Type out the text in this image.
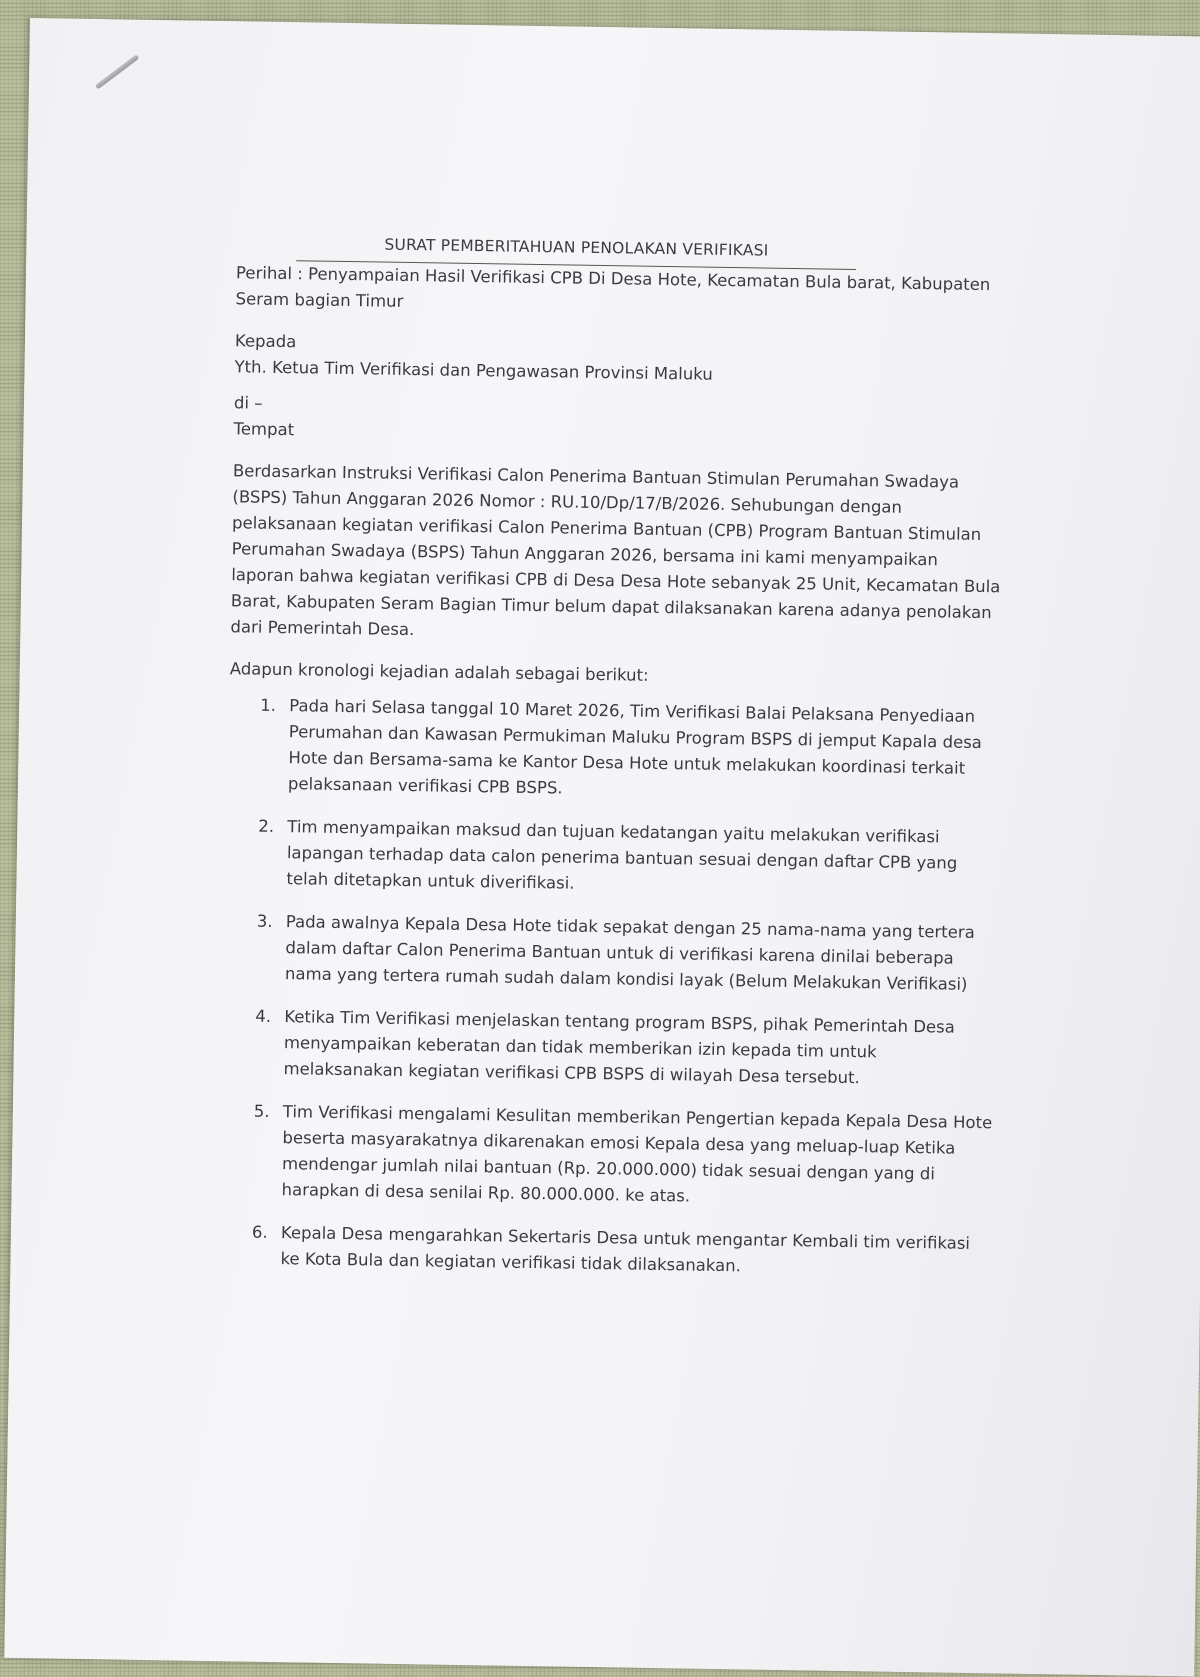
SURAT PEMBERITAHUAN PENOLAKAN VERIFIKASI

Perihal : Penyampaian Hasil Verifikasi CPB Di Desa Hote, Kecamatan Bula barat, Kabupaten Seram bagian Timur

Kepada

Yth. Ketua Tim Verifikasi dan Pengawasan Provinsi Maluku

di –

Tempat

Berdasarkan Instruksi Verifikasi Calon Penerima Bantuan Stimulan Perumahan Swadaya (BSPS) Tahun Anggaran 2026 Nomor : RU.10/Dp/17/B/2026. Sehubungan dengan pelaksanaan kegiatan verifikasi Calon Penerima Bantuan (CPB) Program Bantuan Stimulan Perumahan Swadaya (BSPS) Tahun Anggaran 2026, bersama ini kami menyampaikan laporan bahwa kegiatan verifikasi CPB di Desa Desa Hote sebanyak 25 Unit, Kecamatan Bula Barat, Kabupaten Seram Bagian Timur belum dapat dilaksanakan karena adanya penolakan dari Pemerintah Desa.

Adapun kronologi kejadian adalah sebagai berikut:

1. Pada hari Selasa tanggal 10 Maret 2026, Tim Verifikasi Balai Pelaksana Penyediaan Perumahan dan Kawasan Permukiman Maluku Program BSPS di jemput Kapala desa Hote dan Bersama-sama ke Kantor Desa Hote untuk melakukan koordinasi terkait pelaksanaan verifikasi CPB BSPS.
2. Tim menyampaikan maksud dan tujuan kedatangan yaitu melakukan verifikasi lapangan terhadap data calon penerima bantuan sesuai dengan daftar CPB yang telah ditetapkan untuk diverifikasi.
3. Pada awalnya Kepala Desa Hote tidak sepakat dengan 25 nama-nama yang tertera dalam daftar Calon Penerima Bantuan untuk di verifikasi karena dinilai beberapa nama yang tertera rumah sudah dalam kondisi layak (Belum Melakukan Verifikasi)
4. Ketika Tim Verifikasi menjelaskan tentang program BSPS, pihak Pemerintah Desa menyampaikan keberatan dan tidak memberikan izin kepada tim untuk melaksanakan kegiatan verifikasi CPB BSPS di wilayah Desa tersebut.
5. Tim Verifikasi mengalami Kesulitan memberikan Pengertian kepada Kepala Desa Hote beserta masyarakatnya dikarenakan emosi Kepala desa yang meluap-luap Ketika mendengar jumlah nilai bantuan (Rp. 20.000.000) tidak sesuai dengan yang di harapkan di desa senilai Rp. 80.000.000. ke atas.
6. Kepala Desa mengarahkan Sekertaris Desa untuk mengantar Kembali tim verifikasi ke Kota Bula dan kegiatan verifikasi tidak dilaksanakan.
